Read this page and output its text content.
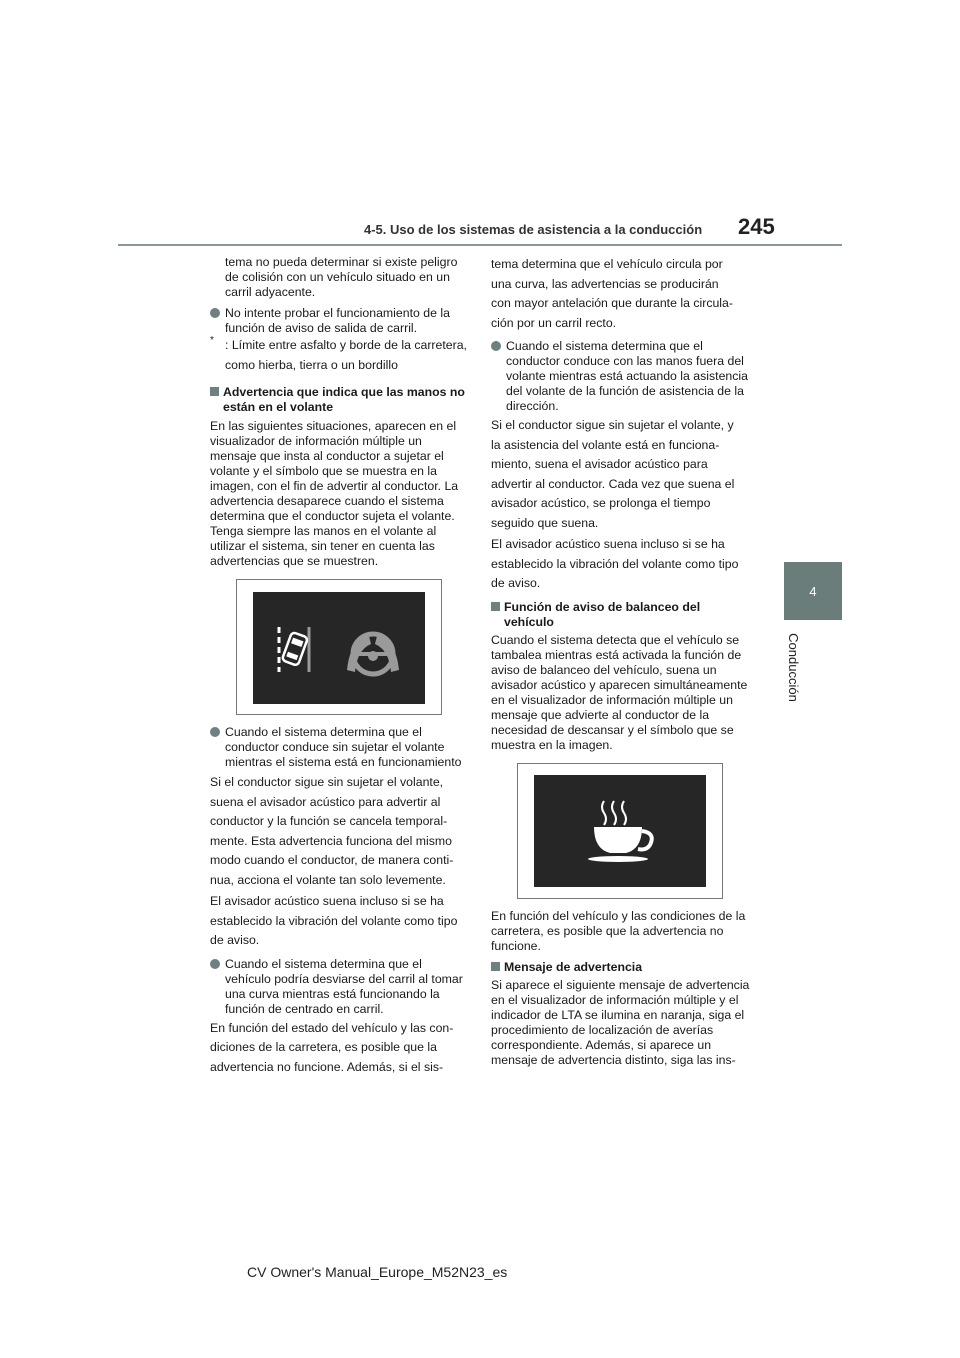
4-5. Uso de los sistemas de asistencia a la conducción 245
4
Conducción

tema no pueda determinar si existe peligro de colisión con un vehículo situado en un carril adyacente.

No intente probar el funcionamiento de la función de aviso de salida de carril.

* : Límite entre asfalto y borde de la carretera,

como hierba, tierra o un bordillo

Advertencia que indica que las manos no están en el volante

En las siguientes situaciones, aparecen en el visualizador de información múltiple un mensaje que insta al conductor a sujetar el volante y el símbolo que se muestra en la imagen, con el fin de advertir al conductor. La advertencia desaparece cuando el sistema determina que el conductor sujeta el volante. Tenga siempre las manos en el volante al utilizar el sistema, sin tener en cuenta las advertencias que se muestren.

Cuando el sistema determina que el conductor conduce sin sujetar el volante mientras el sistema está en funcionamiento

Si el conductor sigue sin sujetar el volante,

suena el avisador acústico para advertir al

conductor y la función se cancela temporal-

mente. Esta advertencia funciona del mismo

modo cuando el conductor, de manera conti-

nua, acciona el volante tan solo levemente.

El avisador acústico suena incluso si se ha

establecido la vibración del volante como tipo

de aviso.

Cuando el sistema determina que el vehículo podría desviarse del carril al tomar una curva mientras está funcionando la función de centrado en carril.

En función del estado del vehículo y las con-

diciones de la carretera, es posible que la

advertencia no funcione. Además, si el sis-

tema determina que el vehículo circula por

una curva, las advertencias se producirán

con mayor antelación que durante la circula-

ción por un carril recto.

Cuando el sistema determina que el conductor conduce con las manos fuera del volante mientras está actuando la asistencia del volante de la función de asistencia de la dirección.

Si el conductor sigue sin sujetar el volante, y

la asistencia del volante está en funciona-

miento, suena el avisador acústico para

advertir al conductor. Cada vez que suena el

avisador acústico, se prolonga el tiempo

seguido que suena.

El avisador acústico suena incluso si se ha

establecido la vibración del volante como tipo

de aviso.

Función de aviso de balanceo del vehículo

Cuando el sistema detecta que el vehículo se tambalea mientras está activada la función de aviso de balanceo del vehículo, suena un avisador acústico y aparecen simultáneamente en el visualizador de información múltiple un mensaje que advierte al conductor de la necesidad de descansar y el símbolo que se muestra en la imagen.

En función del vehículo y las condiciones de la carretera, es posible que la advertencia no funcione.

Mensaje de advertencia

Si aparece el siguiente mensaje de advertencia en el visualizador de información múltiple y el indicador de LTA se ilumina en naranja, siga el procedimiento de localización de averías correspondiente. Además, si aparece un mensaje de advertencia distinto, siga las ins-

CV Owner's Manual_Europe_M52N23_es
